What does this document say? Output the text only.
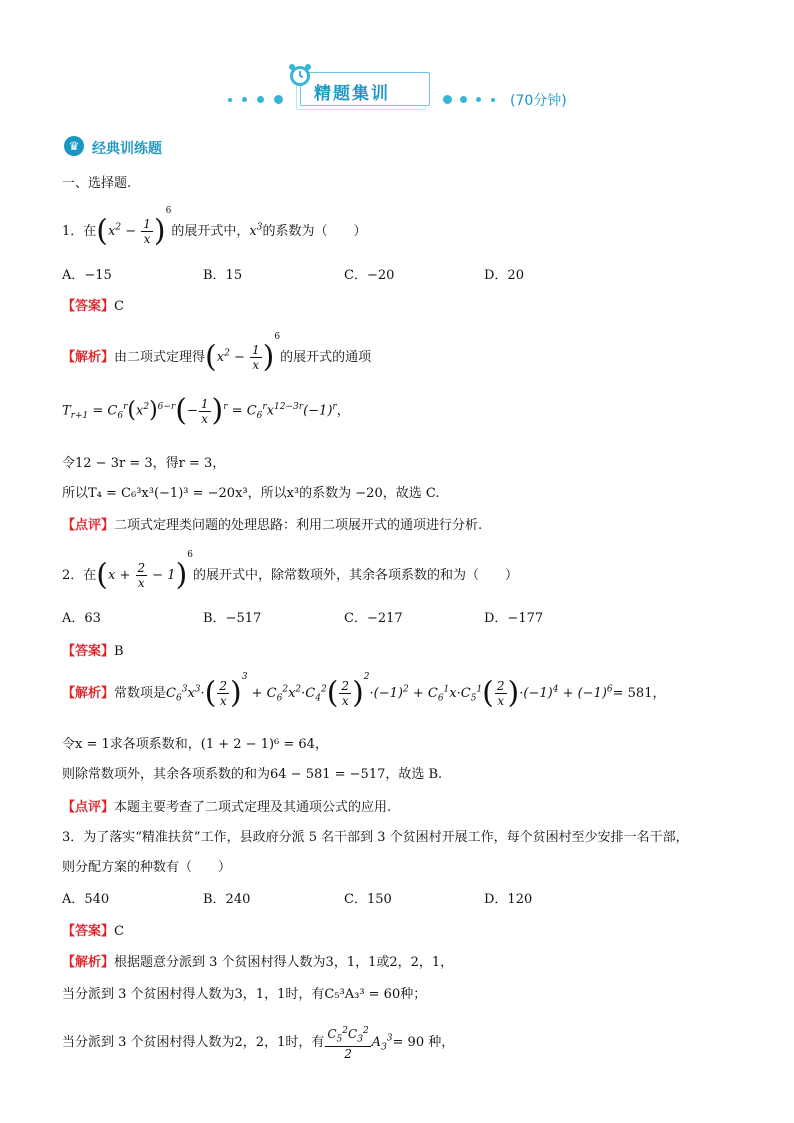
精题集训	(70分钟)
♛ 经典训练题
一、选择题.
1．在$(x^2 - \frac{1}{x} )^6$的展开式中，$x^3$的系数为（　　）
A．−15	B．15	C．−20	D．20
【答案】C
【解析】由二项式定理得$(x^2 - \frac{1}{x} )^6$的展开式的通项
$T_{r+1} = C_6^r(x^2)^{6-r}(- \frac{1}{x} )^r = C_6^rx^{12-3r}(-1)^r$，
令12 − 3r = 3，得r = 3，
所以T₄ = C₆³x³(−1)³ = −20x³，所以x³的系数为 −20，故选 C.
【点评】二项式定理类问题的处理思路：利用二项展开式的通项进行分析.
2．在$(x + \frac{2}{x} - 1)^6$的展开式中，除常数项外，其余各项系数的和为（　　）
A．63	B．−517	C．−217	D．−177
【答案】B
【解析】常数项是$C_6^3x^3\cdot( \frac{2}{x} )^3 + C_6^2x^2\cdot C_4^2( \frac{2}{x} )^2\cdot(-1)^2 + C_6^1x\cdot C_5^1( \frac{2}{x} )\cdot(-1)^4 + (-1)^6= 581$，
令x = 1求各项系数和，(1 + 2 − 1)⁶ = 64，
则除常数项外，其余各项系数的和为64 − 581 = −517，故选 B.
【点评】本题主要考查了二项式定理及其通项公式的应用.
3．为了落实“精准扶贫”工作，县政府分派 5 名干部到 3 个贫困村开展工作，每个贫困村至少安排一名干部，
则分配方案的种数有（　　）
A．540	B．240	C．150	D．120
【答案】C
【解析】根据题意分派到 3 个贫困村得人数为3，1，1或2，2，1，
当分派到 3 个贫困村得人数为3，1，1时，有C₅³A₃³ = 60种；
当分派到 3 个贫困村得人数为2，2，1时，有 $\frac{C_5^2C_3^2}{2} A_3^3= 90$ 种，
